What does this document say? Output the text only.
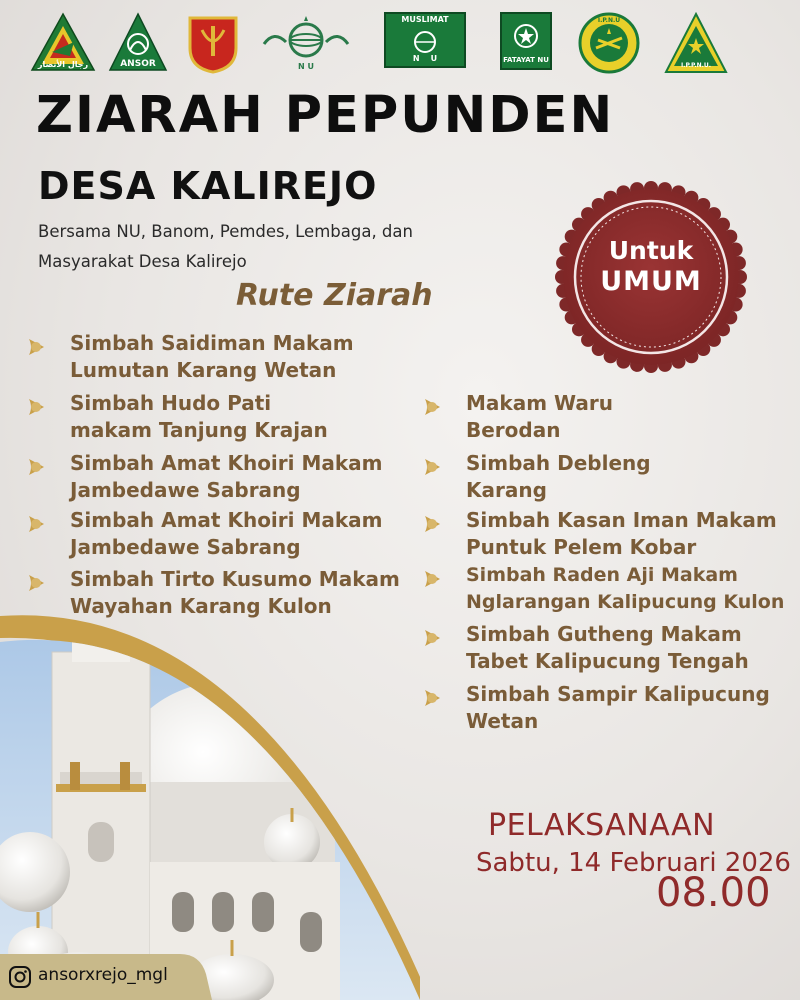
رجال الأنصار	ANSOR	N U
MUSLIMAT
N    U	FATAYAT NU
I.P.N.U
I.P.P.N.U.
ZIARAH PEPUNDEN
DESA KALIREJO
Bersama NU, Banom, Pemdes, Lembaga, dan
Masyarakat Desa Kalirejo	Untuk
UMUM
Rute Ziarah
Simbah Saidiman Makam
Lumutan Karang Wetan
Simbah Hudo Pati
makam Tanjung Krajan
Simbah Amat Khoiri Makam
Jambedawe Sabrang
Simbah Amat Khoiri Makam
Jambedawe Sabrang
Simbah Tirto Kusumo Makam
Wayahan Karang Kulon
Makam Waru
Berodan
Simbah Debleng
Karang
Simbah Kasan Iman Makam
Puntuk Pelem Kobar
Simbah Raden Aji Makam
Nglarangan Kalipucung Kulon
Simbah Gutheng Makam
Tabet Kalipucung Tengah
Simbah Sampir Kalipucung
Wetan
PELAKSANAAN
Sabtu, 14 Februari 2026
08.00
ansorxrejo_mgl
